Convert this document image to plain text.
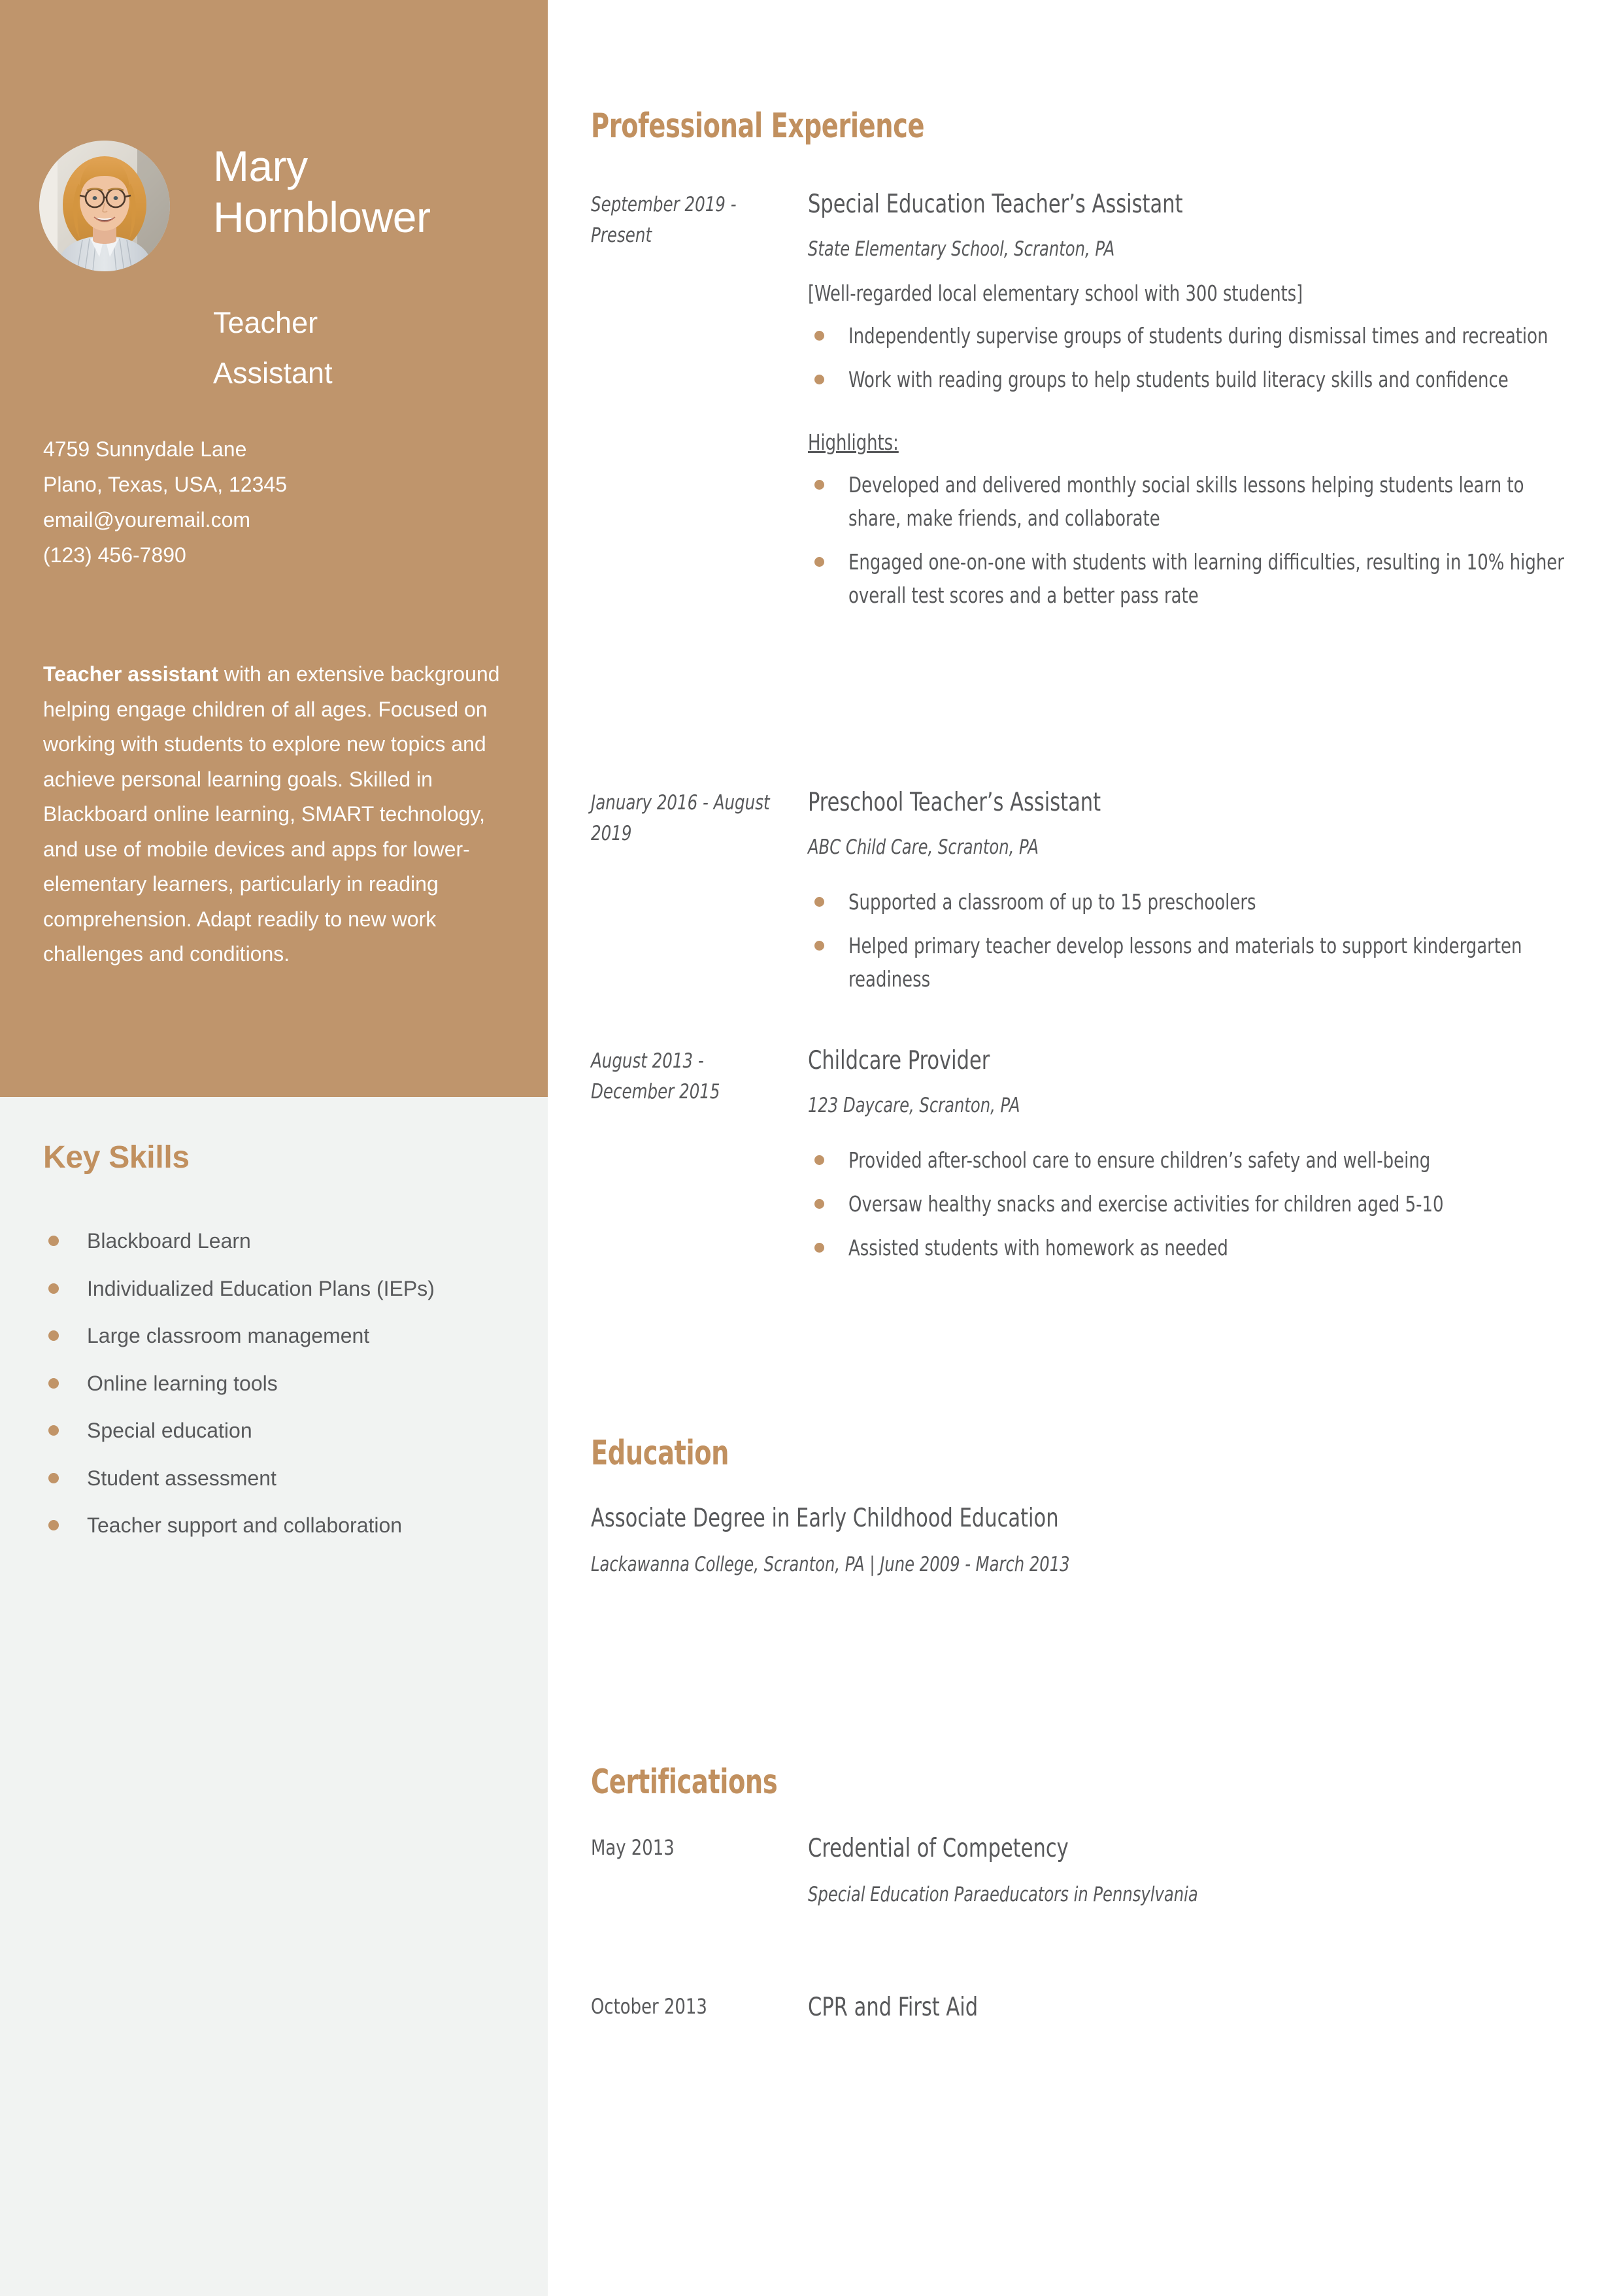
Mary
Hornblower
Teacher
Assistant
4759 Sunnydale Lane
Plano, Texas, USA, 12345
email@youremail.com
(123) 456-7890

Teacher assistant with an extensive background helping engage children of all ages. Focused on working with students to explore new topics and achieve personal learning goals. Skilled in Blackboard online learning, SMART technology, and use of mobile devices and apps for lower-elementary learners, particularly in reading comprehension. Adapt readily to new work challenges and conditions.

Key Skills
Blackboard Learn
Individualized Education Plans (IEPs)
Large classroom management
Online learning tools
Special education
Student assessment
Teacher support and collaboration
Professional Experience
September 2019 - Present
Special Education Teacher’s Assistant
State Elementary School, Scranton, PA
[Well-regarded local elementary school with 300 students]
Independently supervise groups of students during dismissal times and recreation
Work with reading groups to help students build literacy skills and confidence
Highlights:
Developed and delivered monthly social skills lessons helping students learn to share, make friends, and collaborate
Engaged one-on-one with students with learning difficulties, resulting in 10% higher overall test scores and a better pass rate
January 2016 - August 2019
Preschool Teacher’s Assistant
ABC Child Care, Scranton, PA
Supported a classroom of up to 15 preschoolers
Helped primary teacher develop lessons and materials to support kindergarten readiness
August 2013 - December 2015
Childcare Provider
123 Daycare, Scranton, PA
Provided after-school care to ensure children’s safety and well-being
Oversaw healthy snacks and exercise activities for children aged 5-10
Assisted students with homework as needed
Education
Associate Degree in Early Childhood Education
Lackawanna College, Scranton, PA | June 2009 - March 2013
Certifications
May 2013	Credential of Competency
Special Education Paraeducators in Pennsylvania
October 2013	CPR and First Aid
